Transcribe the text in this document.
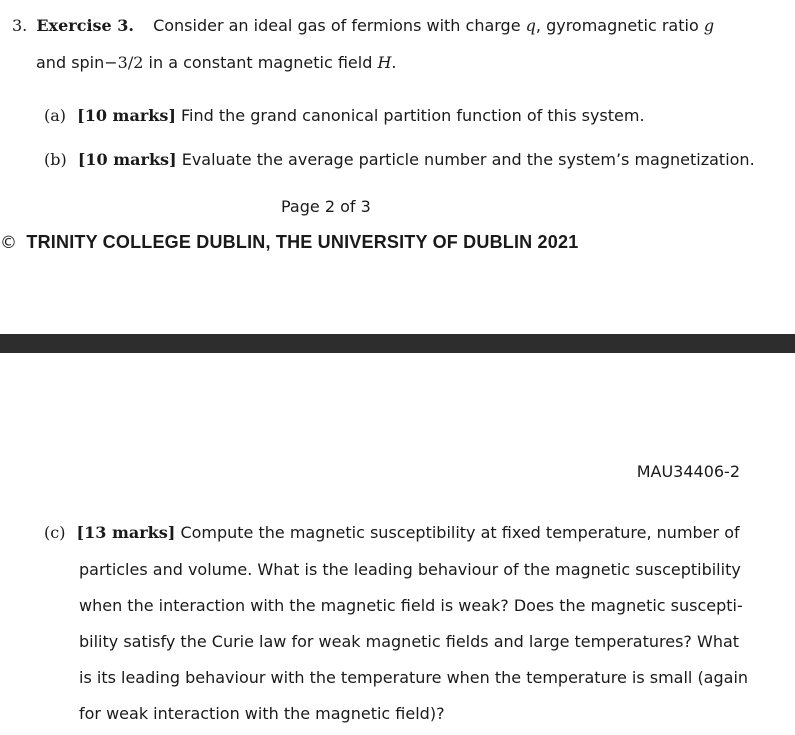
3. Exercise 3. Consider an ideal gas of fermions with charge q, gyromagnetic ratio g
and spin−3/2 in a constant magnetic field H.
(a) [10 marks] Find the grand canonical partition function of this system.
(b) [10 marks] Evaluate the average particle number and the system’s magnetization.
Page 2 of 3
© TRINITY COLLEGE DUBLIN, THE UNIVERSITY OF DUBLIN 2021
MAU34406-2
(c) [13 marks] Compute the magnetic susceptibility at fixed temperature, number of
particles and volume. What is the leading behaviour of the magnetic susceptibility
when the interaction with the magnetic field is weak? Does the magnetic suscepti-
bility satisfy the Curie law for weak magnetic fields and large temperatures? What
is its leading behaviour with the temperature when the temperature is small (again
for weak interaction with the magnetic field)?
